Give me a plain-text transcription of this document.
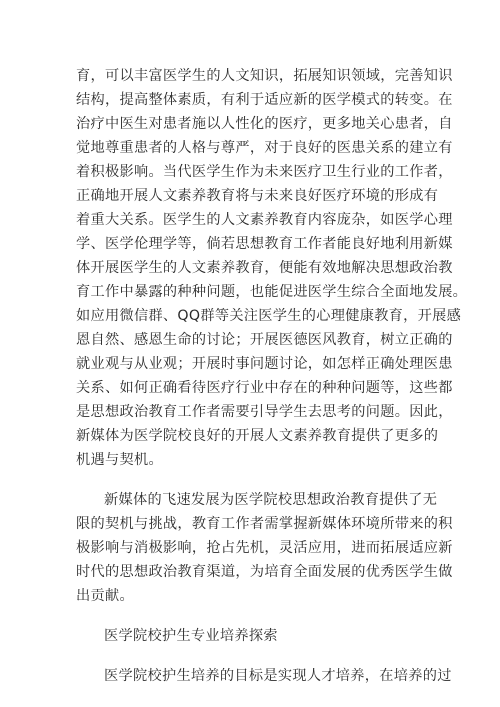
育，可以丰富医学生的人文知识，拓展知识领域，完善知识

结构，提高整体素质，有利于适应新的医学模式的转变。在

治疗中医生对患者施以人性化的医疗，更多地关心患者，自

觉地尊重患者的人格与尊严，对于良好的医患关系的建立有

着积极影响。当代医学生作为未来医疗卫生行业的工作者，

正确地开展人文素养教育将与未来良好医疗环境的形成有

着重大关系。医学生的人文素养教育内容庞杂，如医学心理

学、医学伦理学等，倘若思想教育工作者能良好地利用新媒

体开展医学生的人文素养教育，便能有效地解决思想政治教

育工作中暴露的种种问题，也能促进医学生综合全面地发展。

如应用微信群、QQ群等关注医学生的心理健康教育，开展感

恩自然、感恩生命的讨论；开展医德医风教育，树立正确的

就业观与从业观；开展时事问题讨论，如怎样正确处理医患

关系、如何正确看待医疗行业中存在的种种问题等，这些都

是思想政治教育工作者需要引导学生去思考的问题。因此，

新媒体为医学院校良好的开展人文素养教育提供了更多的

机遇与契机。

新媒体的飞速发展为医学院校思想政治教育提供了无

限的契机与挑战，教育工作者需掌握新媒体环境所带来的积

极影响与消极影响，抢占先机，灵活应用，进而拓展适应新

时代的思想政治教育渠道，为培育全面发展的优秀医学生做

出贡献。

医学院校护生专业培养探索

医学院校护生培养的目标是实现人才培养，在培养的过
